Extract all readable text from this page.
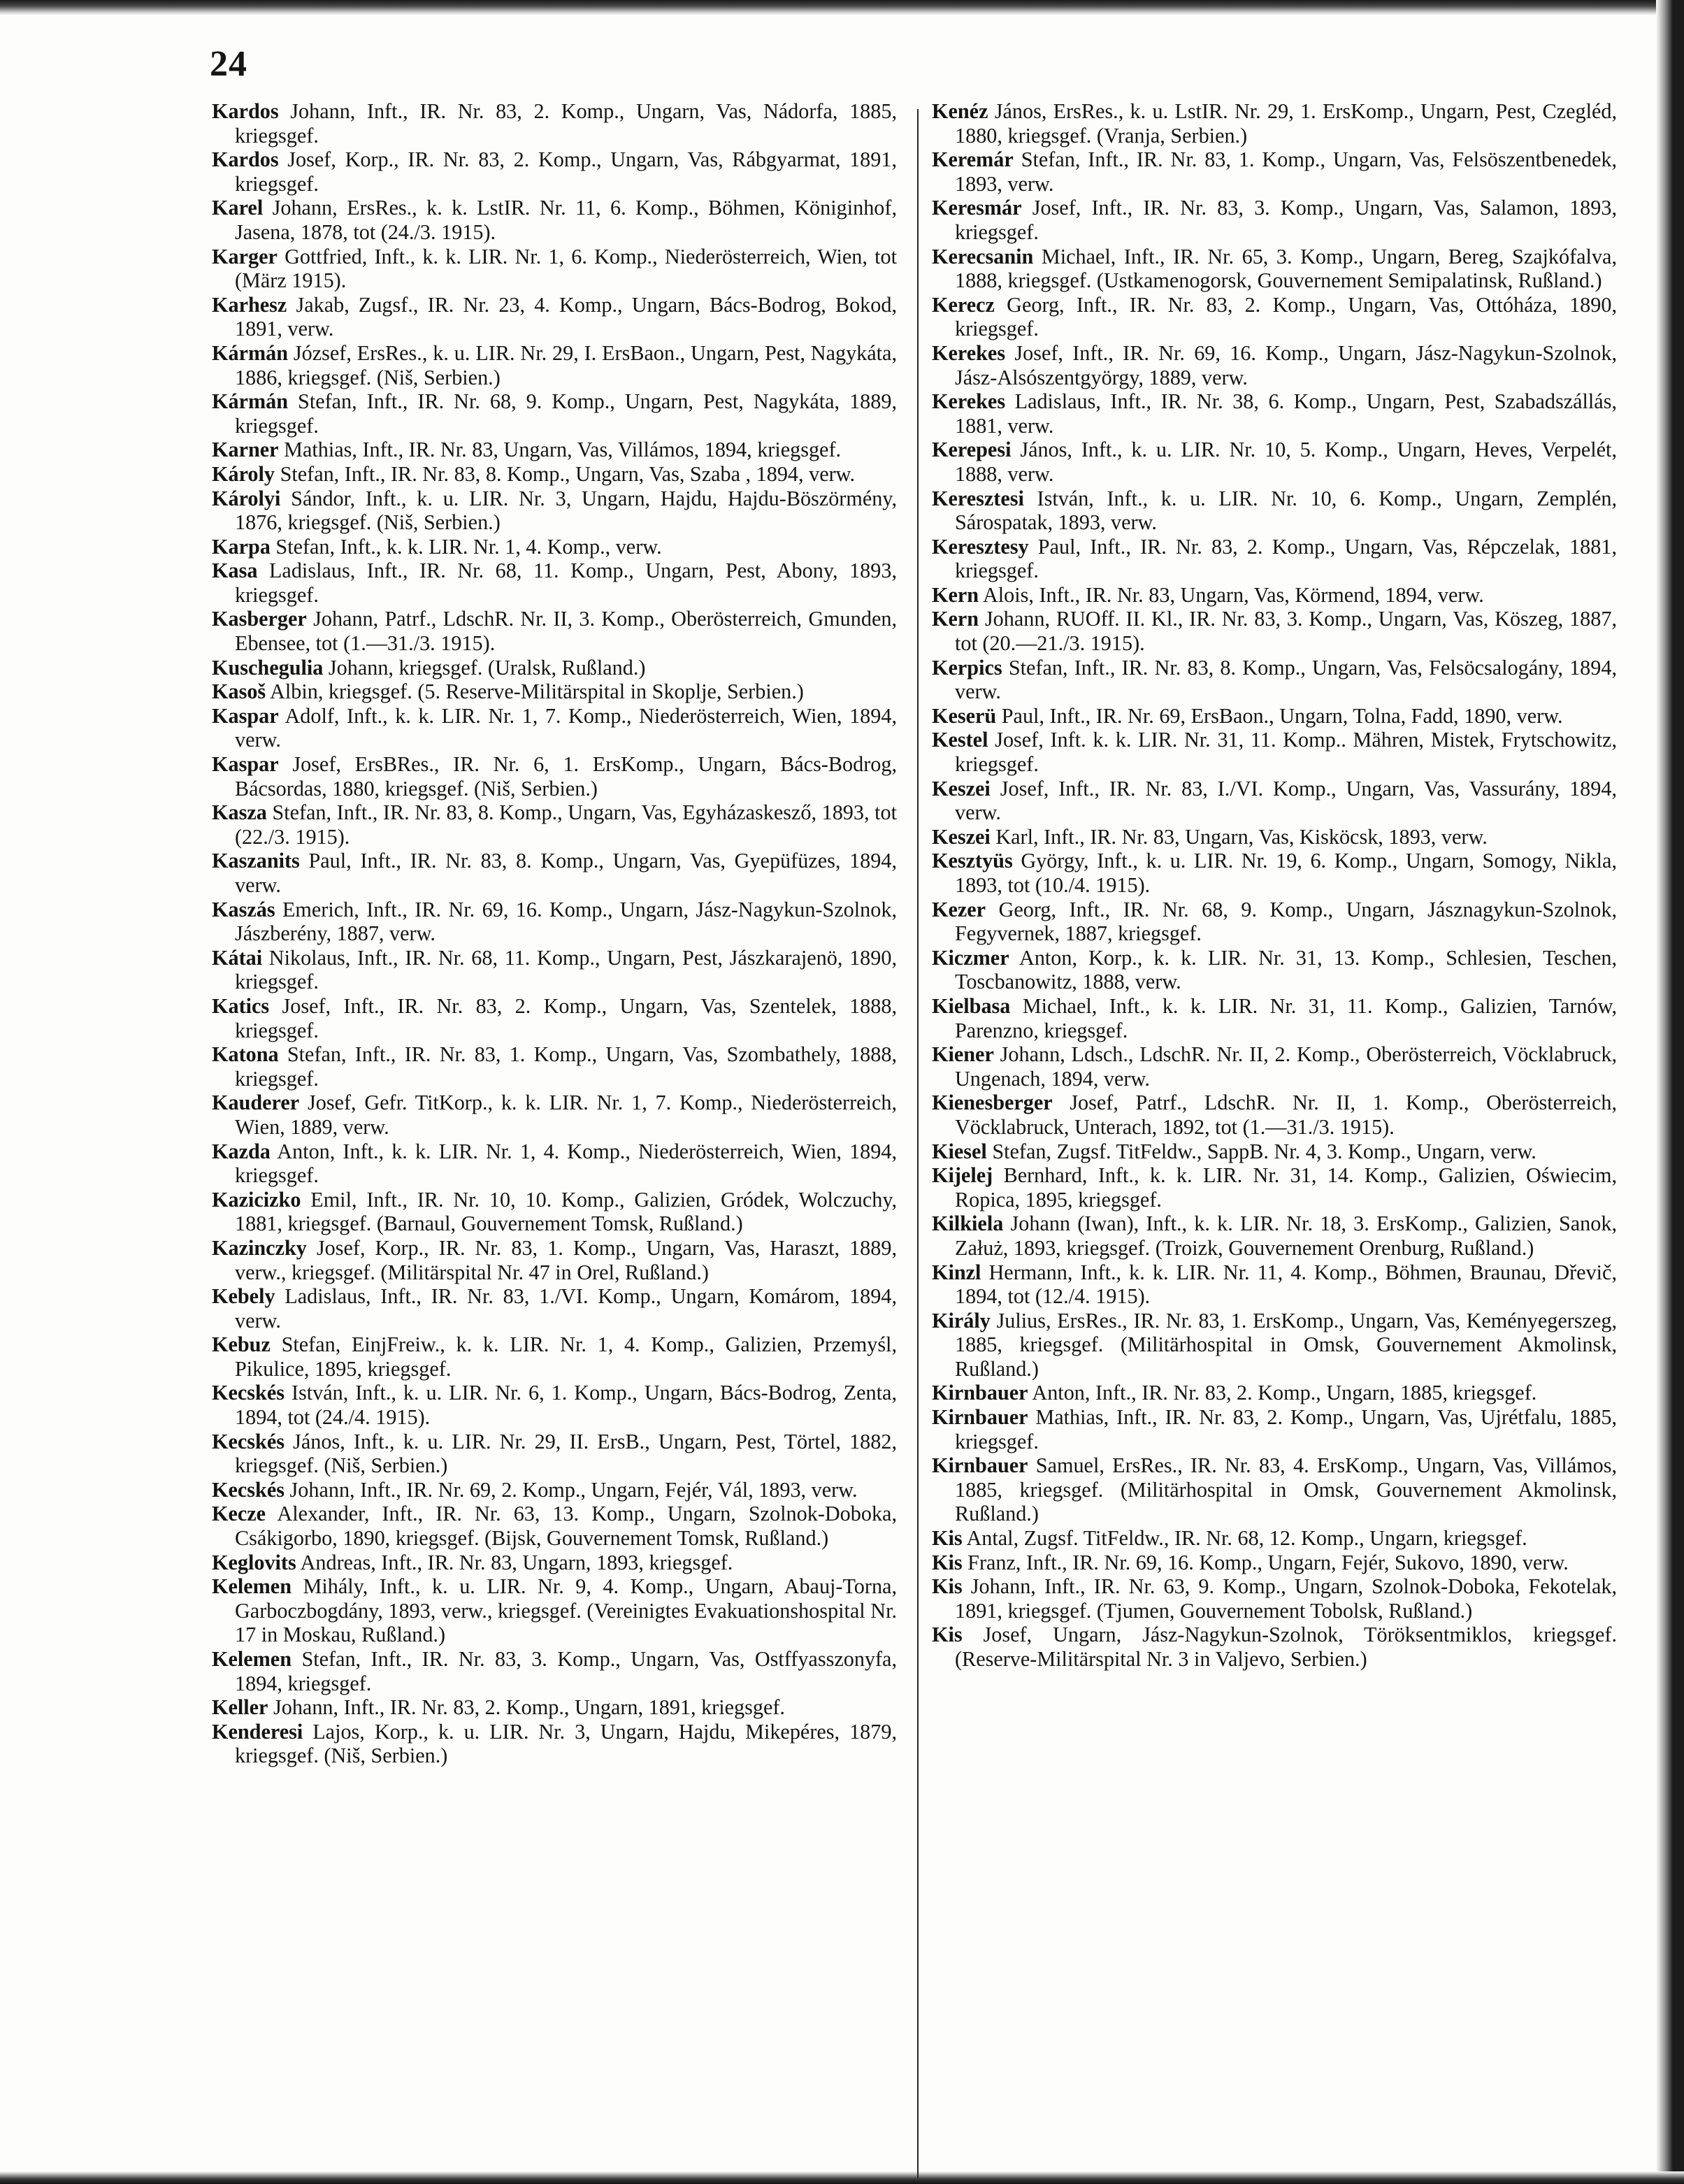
24

Kardos Johann, Inft., IR. Nr. 83, 2. Komp., Ungarn, Vas, Nádorfa, 1885, kriegsgef.

Kardos Josef, Korp., IR. Nr. 83, 2. Komp., Ungarn, Vas, Rábgyarmat, 1891, kriegsgef.

Karel Johann, ErsRes., k. k. LstIR. Nr. 11, 6. Komp., Böhmen, Königinhof, Jasena, 1878, tot (24./3. 1915).

Karger Gottfried, Inft., k. k. LIR. Nr. 1, 6. Komp., Niederösterreich, Wien, tot (März 1915).

Karhesz Jakab, Zugsf., IR. Nr. 23, 4. Komp., Ungarn, Bács-Bodrog, Bokod, 1891, verw.

Kármán József, ErsRes., k. u. LIR. Nr. 29, I. ErsBaon., Ungarn, Pest, Nagykáta, 1886, kriegsgef. (Niš, Serbien.)

Kármán Stefan, Inft., IR. Nr. 68, 9. Komp., Ungarn, Pest, Nagykáta, 1889, kriegsgef.

Karner Mathias, Inft., IR. Nr. 83, Ungarn, Vas, Villámos, 1894, kriegsgef.

Károly Stefan, Inft., IR. Nr. 83, 8. Komp., Ungarn, Vas, Szaba , 1894, verw.

Károlyi Sándor, Inft., k. u. LIR. Nr. 3, Ungarn, Hajdu, Hajdu-Böszörmény, 1876, kriegsgef. (Niš, Serbien.)

Karpa Stefan, Inft., k. k. LIR. Nr. 1, 4. Komp., verw.

Kasa Ladislaus, Inft., IR. Nr. 68, 11. Komp., Ungarn, Pest, Abony, 1893, kriegsgef.

Kasberger Johann, Patrf., LdschR. Nr. II, 3. Komp., Oberösterreich, Gmunden, Ebensee, tot (1.—31./3. 1915).

Kuschegulia Johann, kriegsgef. (Uralsk, Rußland.)

Kasoš Albin, kriegsgef. (5. Reserve-Militärspital in Skoplje, Serbien.)

Kaspar Adolf, Inft., k. k. LIR. Nr. 1, 7. Komp., Niederösterreich, Wien, 1894, verw.

Kaspar Josef, ErsBRes., IR. Nr. 6, 1. ErsKomp., Ungarn, Bács-Bodrog, Bácsordas, 1880, kriegsgef. (Niš, Serbien.)

Kasza Stefan, Inft., IR. Nr. 83, 8. Komp., Ungarn, Vas, Egyházaskesző, 1893, tot (22./3. 1915).

Kaszanits Paul, Inft., IR. Nr. 83, 8. Komp., Ungarn, Vas, Gyepüfüzes, 1894, verw.

Kaszás Emerich, Inft., IR. Nr. 69, 16. Komp., Ungarn, Jász-Nagykun-Szolnok, Jászberény, 1887, verw.

Kátai Nikolaus, Inft., IR. Nr. 68, 11. Komp., Ungarn, Pest, Jászkarajenö, 1890, kriegsgef.

Katics Josef, Inft., IR. Nr. 83, 2. Komp., Ungarn, Vas, Szentelek, 1888, kriegsgef.

Katona Stefan, Inft., IR. Nr. 83, 1. Komp., Ungarn, Vas, Szombathely, 1888, kriegsgef.

Kauderer Josef, Gefr. TitKorp., k. k. LIR. Nr. 1, 7. Komp., Niederösterreich, Wien, 1889, verw.

Kazda Anton, Inft., k. k. LIR. Nr. 1, 4. Komp., Niederösterreich, Wien, 1894, kriegsgef.

Kazicizko Emil, Inft., IR. Nr. 10, 10. Komp., Galizien, Gródek, Wolczuchy, 1881, kriegsgef. (Barnaul, Gouvernement Tomsk, Rußland.)

Kazinczky Josef, Korp., IR. Nr. 83, 1. Komp., Ungarn, Vas, Haraszt, 1889, verw., kriegsgef. (Militärspital Nr. 47 in Orel, Rußland.)

Kebely Ladislaus, Inft., IR. Nr. 83, 1./VI. Komp., Ungarn, Komárom, 1894, verw.

Kebuz Stefan, EinjFreiw., k. k. LIR. Nr. 1, 4. Komp., Galizien, Przemyśl, Pikulice, 1895, kriegsgef.

Kecskés István, Inft., k. u. LIR. Nr. 6, 1. Komp., Ungarn, Bács-Bodrog, Zenta, 1894, tot (24./4. 1915).

Kecskés János, Inft., k. u. LIR. Nr. 29, II. ErsB., Ungarn, Pest, Törtel, 1882, kriegsgef. (Niš, Serbien.)

Kecskés Johann, Inft., IR. Nr. 69, 2. Komp., Ungarn, Fejér, Vál, 1893, verw.

Kecze Alexander, Inft., IR. Nr. 63, 13. Komp., Ungarn, Szolnok-Doboka, Csákigorbo, 1890, kriegsgef. (Bijsk, Gouvernement Tomsk, Rußland.)

Keglovits Andreas, Inft., IR. Nr. 83, Ungarn, 1893, kriegsgef.

Kelemen Mihály, Inft., k. u. LIR. Nr. 9, 4. Komp., Ungarn, Abauj-Torna, Garboczbogdány, 1893, verw., kriegsgef. (Vereinigtes Evakuationshospital Nr. 17 in Moskau, Rußland.)

Kelemen Stefan, Inft., IR. Nr. 83, 3. Komp., Ungarn, Vas, Ostffyasszonyfa, 1894, kriegsgef.

Keller Johann, Inft., IR. Nr. 83, 2. Komp., Ungarn, 1891, kriegsgef.

Kenderesi Lajos, Korp., k. u. LIR. Nr. 3, Ungarn, Hajdu, Mikepéres, 1879, kriegsgef. (Niš, Serbien.)

Kenéz János, ErsRes., k. u. LstIR. Nr. 29, 1. ErsKomp., Ungarn, Pest, Czegléd, 1880, kriegsgef. (Vranja, Serbien.)

Keremár Stefan, Inft., IR. Nr. 83, 1. Komp., Ungarn, Vas, Felsöszentbenedek, 1893, verw.

Keresmár Josef, Inft., IR. Nr. 83, 3. Komp., Ungarn, Vas, Salamon, 1893, kriegsgef.

Kerecsanin Michael, Inft., IR. Nr. 65, 3. Komp., Ungarn, Bereg, Szajkófalva, 1888, kriegsgef. (Ustkamenogorsk, Gouvernement Semipalatinsk, Rußland.)

Kerecz Georg, Inft., IR. Nr. 83, 2. Komp., Ungarn, Vas, Ottóháza, 1890, kriegsgef.

Kerekes Josef, Inft., IR. Nr. 69, 16. Komp., Ungarn, Jász-Nagykun-Szolnok, Jász-Alsószentgyörgy, 1889, verw.

Kerekes Ladislaus, Inft., IR. Nr. 38, 6. Komp., Ungarn, Pest, Szabadszállás, 1881, verw.

Kerepesi János, Inft., k. u. LIR. Nr. 10, 5. Komp., Ungarn, Heves, Verpelét, 1888, verw.

Keresztesi István, Inft., k. u. LIR. Nr. 10, 6. Komp., Ungarn, Zemplén, Sárospatak, 1893, verw.

Keresztesy Paul, Inft., IR. Nr. 83, 2. Komp., Ungarn, Vas, Répczelak, 1881, kriegsgef.

Kern Alois, Inft., IR. Nr. 83, Ungarn, Vas, Körmend, 1894, verw.

Kern Johann, RUOff. II. Kl., IR. Nr. 83, 3. Komp., Ungarn, Vas, Köszeg, 1887, tot (20.—21./3. 1915).

Kerpics Stefan, Inft., IR. Nr. 83, 8. Komp., Ungarn, Vas, Felsöcsalogány, 1894, verw.

Keserü Paul, Inft., IR. Nr. 69, ErsBaon., Ungarn, Tolna, Fadd, 1890, verw.

Kestel Josef, Inft. k. k. LIR. Nr. 31, 11. Komp.. Mähren, Mistek, Frytschowitz, kriegsgef.

Keszei Josef, Inft., IR. Nr. 83, I./VI. Komp., Ungarn, Vas, Vassurány, 1894, verw.

Keszei Karl, Inft., IR. Nr. 83, Ungarn, Vas, Kisköcsk, 1893, verw.

Kesztyüs György, Inft., k. u. LIR. Nr. 19, 6. Komp., Ungarn, Somogy, Nikla, 1893, tot (10./4. 1915).

Kezer Georg, Inft., IR. Nr. 68, 9. Komp., Ungarn, Jásznagykun-Szolnok, Fegyvernek, 1887, kriegsgef.

Kiczmer Anton, Korp., k. k. LIR. Nr. 31, 13. Komp., Schlesien, Teschen, Toscbanowitz, 1888, verw.

Kielbasa Michael, Inft., k. k. LIR. Nr. 31, 11. Komp., Galizien, Tarnów, Parenzno, kriegsgef.

Kiener Johann, Ldsch., LdschR. Nr. II, 2. Komp., Oberösterreich, Vöcklabruck, Ungenach, 1894, verw.

Kienesberger Josef, Patrf., LdschR. Nr. II, 1. Komp., Oberösterreich, Vöcklabruck, Unterach, 1892, tot (1.—31./3. 1915).

Kiesel Stefan, Zugsf. TitFeldw., SappB. Nr. 4, 3. Komp., Ungarn, verw.

Kijelej Bernhard, Inft., k. k. LIR. Nr. 31, 14. Komp., Galizien, Oświecim, Ropica, 1895, kriegsgef.

Kilkiela Johann (Iwan), Inft., k. k. LIR. Nr. 18, 3. ErsKomp., Galizien, Sanok, Załuż, 1893, kriegsgef. (Troizk, Gouvernement Orenburg, Rußland.)

Kinzl Hermann, Inft., k. k. LIR. Nr. 11, 4. Komp., Böhmen, Braunau, Dřevič, 1894, tot (12./4. 1915).

Király Julius, ErsRes., IR. Nr. 83, 1. ErsKomp., Ungarn, Vas, Keményegerszeg, 1885, kriegsgef. (Militärhospital in Omsk, Gouvernement Akmolinsk, Rußland.)

Kirnbauer Anton, Inft., IR. Nr. 83, 2. Komp., Ungarn, 1885, kriegsgef.

Kirnbauer Mathias, Inft., IR. Nr. 83, 2. Komp., Ungarn, Vas, Ujrétfalu, 1885, kriegsgef.

Kirnbauer Samuel, ErsRes., IR. Nr. 83, 4. ErsKomp., Ungarn, Vas, Villámos, 1885, kriegsgef. (Militärhospital in Omsk, Gouvernement Akmolinsk, Rußland.)

Kis Antal, Zugsf. TitFeldw., IR. Nr. 68, 12. Komp., Ungarn, kriegsgef.

Kis Franz, Inft., IR. Nr. 69, 16. Komp., Ungarn, Fejér, Sukovo, 1890, verw.

Kis Johann, Inft., IR. Nr. 63, 9. Komp., Ungarn, Szolnok-Doboka, Fekotelak, 1891, kriegsgef. (Tjumen, Gouvernement Tobolsk, Rußland.)

Kis Josef, Ungarn, Jász-Nagykun-Szolnok, Töröksentmiklos, kriegsgef. (Reserve-Militärspital Nr. 3 in Valjevo, Serbien.)
